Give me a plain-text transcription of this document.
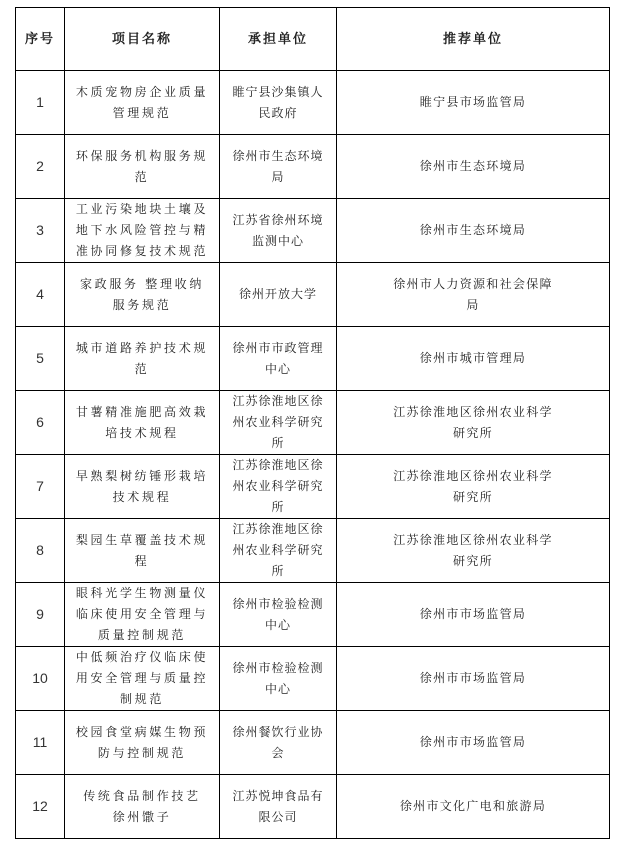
序号	项目名称	承担单位	推荐单位
1	木质宠物房企业质量管理规范	睢宁县沙集镇人民政府	睢宁县市场监管局
2	环保服务机构服务规范	徐州市生态环境局	徐州市生态环境局
3	工业污染地块土壤及地下水风险管控与精准协同修复技术规范	江苏省徐州环境监测中心	徐州市生态环境局
4	家政服务 整理收纳服务规范	徐州开放大学	徐州市人力资源和社会保障局
5	城市道路养护技术规范	徐州市市政管理中心	徐州市城市管理局
6	甘薯精准施肥高效栽培技术规程	江苏徐淮地区徐州农业科学研究所	江苏徐淮地区徐州农业科学研究所
7	早熟梨树纺锤形栽培技术规程	江苏徐淮地区徐州农业科学研究所	江苏徐淮地区徐州农业科学研究所
8	梨园生草覆盖技术规程	江苏徐淮地区徐州农业科学研究所	江苏徐淮地区徐州农业科学研究所
9	眼科光学生物测量仪临床使用安全管理与质量控制规范	徐州市检验检测中心	徐州市市场监管局
10	中低频治疗仪临床使用安全管理与质量控制规范	徐州市检验检测中心	徐州市市场监管局
11	校园食堂病媒生物预防与控制规范	徐州餐饮行业协会	徐州市市场监管局
12	传统食品制作技艺　徐州馓子	江苏悦坤食品有限公司	徐州市文化广电和旅游局
